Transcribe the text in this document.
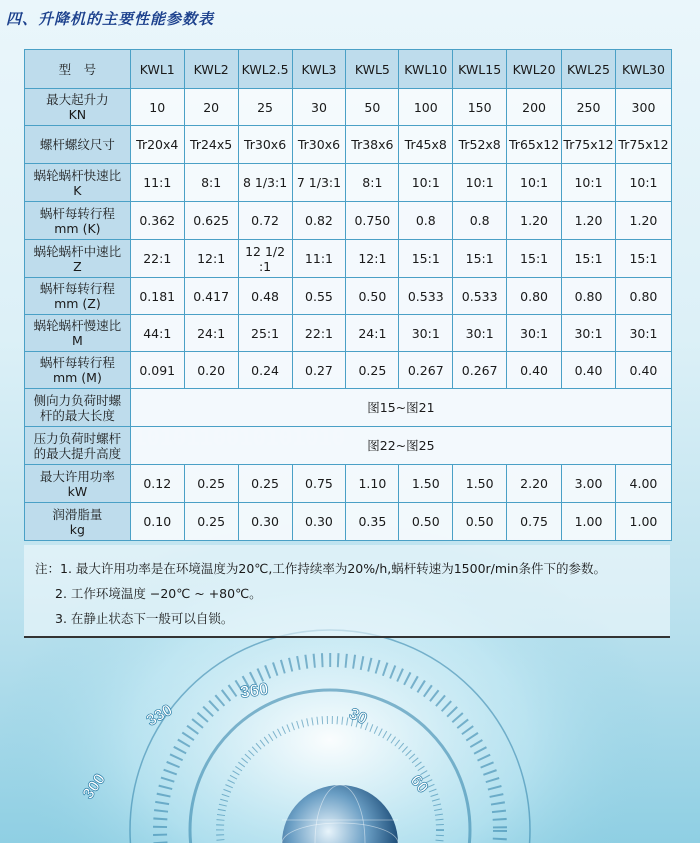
360
330
300	60
30
四、升降机的主要性能参数表
型　号	KWL1	KWL2	KWL2.5	KWL3	KWL5	KWL10	KWL15	KWL20	KWL25	KWL30

最大起升力
KN	10	20	25	30	50	100	150	200	250	300

螺杆螺纹尺寸	Tr20x4	Tr24x5	Tr30x6	Tr30x6	Tr38x6	Tr45x8	Tr52x8	Tr65x12	Tr75x12	Tr75x12

蜗轮蜗杆快速比
K	11:1	8:1	8 1/3:1	7 1/3:1	8:1	10:1	10:1	10:1	10:1	10:1

蜗杆每转行程
mm (K)	0.362	0.625	0.72	0.82	0.750	0.8	0.8	1.20	1.20	1.20

蜗轮蜗杆中速比
Z	22:1	12:1	12 1/2 :1	11:1	12:1	15:1	15:1	15:1	15:1	15:1

蜗杆每转行程
mm (Z)	0.181	0.417	0.48	0.55	0.50	0.533	0.533	0.80	0.80	0.80

蜗轮蜗杆慢速比
M	44:1	24:1	25:1	22:1	24:1	30:1	30:1	30:1	30:1	30:1

蜗杆每转行程
mm (M)	0.091	0.20	0.24	0.27	0.25	0.267	0.267	0.40	0.40	0.40

侧向力负荷时螺
杆的最大长度	图15~图21									

压力负荷时螺杆
的最大提升高度	图22~图25									

最大许用功率
kW	0.12	0.25	0.25	0.75	1.10	1.50	1.50	2.20	3.00	4.00

润滑脂量
kg	0.10	0.25	0.30	0.30	0.35	0.50	0.50	0.75	1.00	1.00
注：1. 最大许用功率是在环境温度为20℃,工作持续率为20%/h,蜗杆转速为1500r/min条件下的参数。
2. 工作环境温度 −20℃ ~ +80℃。
3. 在静止状态下一般可以自锁。
